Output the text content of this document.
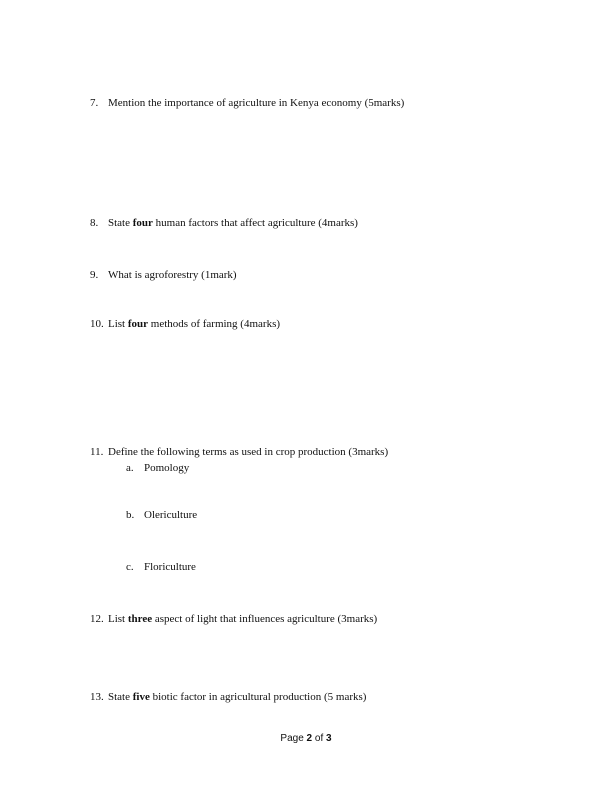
7. Mention the importance of agriculture in Kenya economy (5marks)
8. State four human factors that affect agriculture (4marks)
9. What is agroforestry (1mark)
10. List four methods of farming (4marks)
11. Define the following terms as used in crop production (3marks)
a. Pomology
b. Olericulture
c. Floriculture
12. List three aspect of light that influences agriculture (3marks)
13. State five biotic factor in agricultural production (5 marks)
Page 2 of 3
